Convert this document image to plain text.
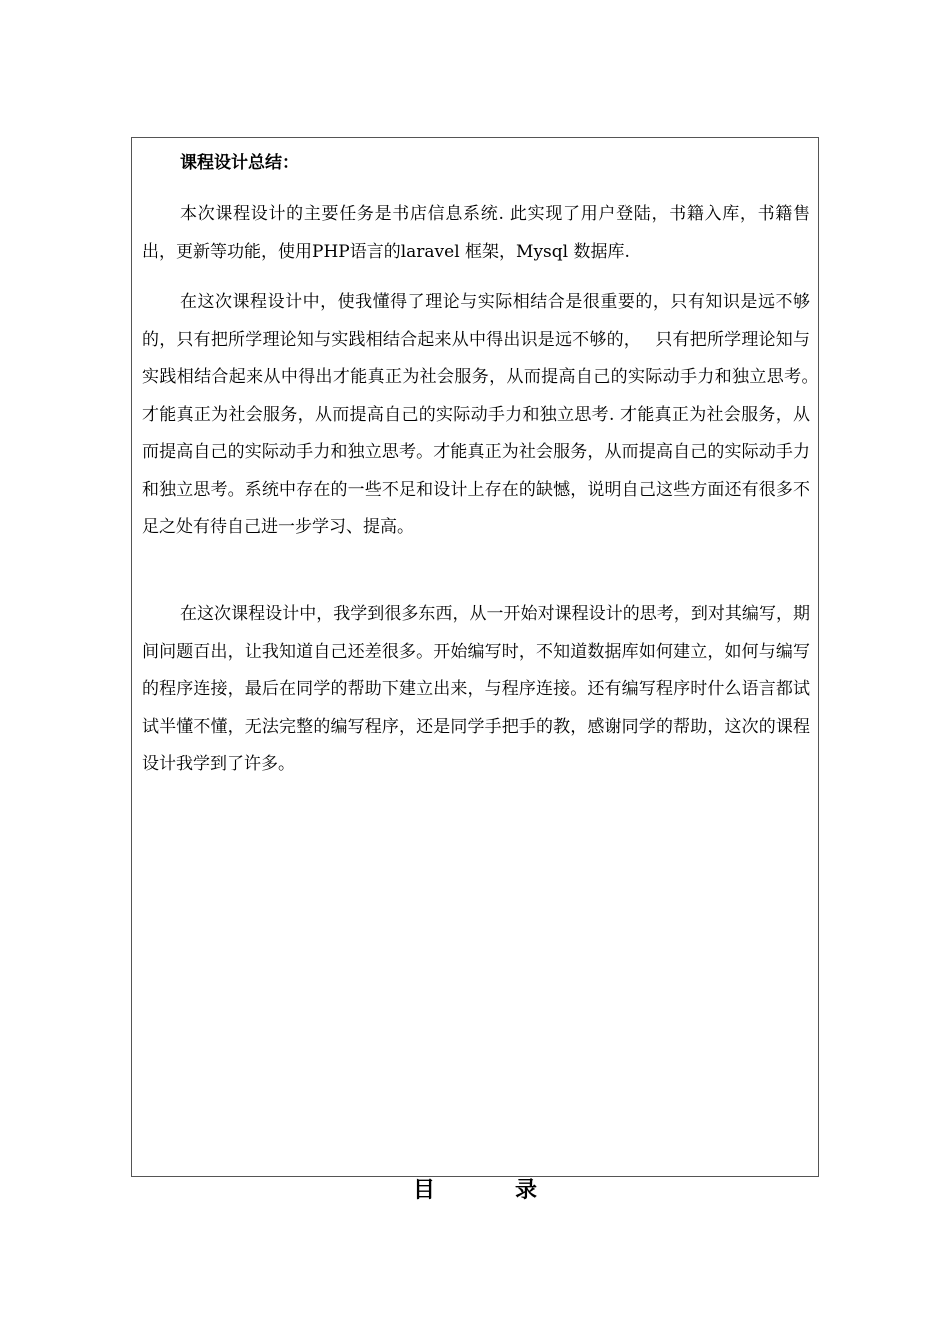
课程设计总结：

本次课程设计的主要任务是书店信息系统. 此实现了用户登陆，书籍入库，书籍售出，更新等功能，使用PHP语言的laravel 框架，Mysql 数据库.

在这次课程设计中，使我懂得了理论与实际相结合是很重要的，只有知识是远不够的，只有把所学理论知与实践相结合起来从中得出识是远不够的，　 只有把所学理论知与实践相结合起来从中得出才能真正为社会服务，从而提高自己的实际动手力和独立思考。　才能真正为社会服务，从而提高自己的实际动手力和独立思考. 才能真正为社会服务，从而提高自己的实际动手力和独立思考。才能真正为社会服务，从而提高自己的实际动手力和独立思考。系统中存在的一些不足和设计上存在的缺憾，说明自己这些方面还有很多不足之处有待自己进一步学习、提高。

在这次课程设计中，我学到很多东西，从一开始对课程设计的思考，到对其编写，期间问题百出，让我知道自己还差很多。开始编写时，不知道数据库如何建立，如何与编写的程序连接，最后在同学的帮助下建立出来，与程序连接。还有编写程序时什么语言都试试半懂不懂，无法完整的编写程序，还是同学手把手的教，感谢同学的帮助，这次的课程设计我学到了许多。

目	录
